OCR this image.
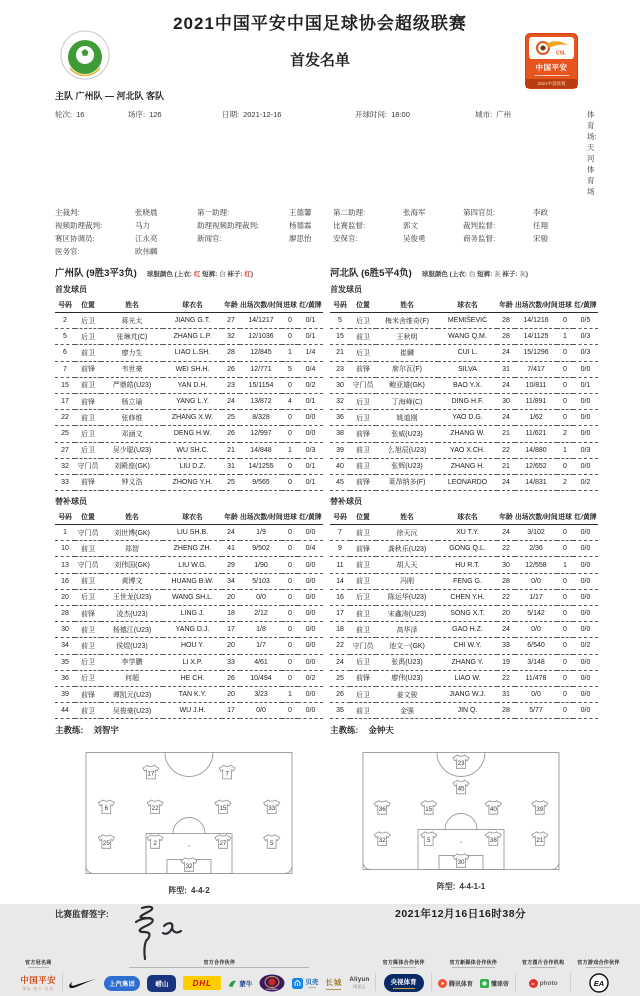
CSL
中国平安
2021中超联赛
2021中国平安中国足球协会超级联赛
首发名单
主队 广州队 — 河北队 客队
轮次: 16	场序: 126	日期: 2021-12-16	开球时间: 18:00	城市: 广州	体育场:天河体育场
主裁判:	张晓晨	第一助理:	王德馨	第二助理:	张海军	第四官员:	李政
视频助理裁判:	马力	助理视频助理裁判:	杨德霖	比赛监督:	郭文	裁判监督:	任翔
赛区协调员:	江永亮	新闻官:	廖思怡	安保官:	吴俊勇	商务监督:	宋骏
医务官:	欧伟麟
广州队 (9胜3平3负) 球服颜色 (上衣: 红 短裤: 白 袜子: 红)	河北队 (6胜5平4负) 球服颜色 (上衣: 白 短裤: 灰 袜子: 灰)
首发球员	首发球员
号码	位置	姓名	球衣名	年龄	出场次数/时间	进球	红/黄牌
2	后卫	蒋光太	JIANG G.T.	27	14/1217	0	0/1
5	后卫	张琳芃(C)	ZHANG L.P.	32	12/1036	0	0/1
6	前卫	廖力生	LIAO L.SH.	28	12/845	1	1/4
7	前锋	韦世豪	WEI SH.H.	26	12/771	5	0/4
15	前卫	严鼎皓(U23)	YAN D.H.	23	15/1154	0	0/2
17	前锋	杨立瑜	YANG L.Y.	24	13/872	4	0/1
22	前卫	张修维	ZHANG X.W.	25	8/328	0	0/0
25	后卫	邓涵文	DENG H.W.	26	12/997	0	0/0
27	后卫	吴少聪(U23)	WU SH.C.	21	14/848	1	0/3
32	守门员	刘殿座(GK)	LIU D.Z.	31	14/1255	0	0/1
33	前锋	钟义浩	ZHONG Y.H.	25	9/565	0	0/1
号码	位置	姓名	球衣名	年龄	出场次数/时间	进球	红/黄牌
5	后卫	梅米舍维奇(F)	MEMIŠEVIĆ	28	14/1216	0	0/5
15	前卫	王秋明	WANG Q.M.	28	14/1125	1	0/3
21	后卫	崔麟	CUI L.	24	15/1296	0	0/3
23	前锋	席尔瓦(F)	SILVA	31	7/417	0	0/0
30	守门员	鲍亚雄(GK)	BAO Y.X.	24	10/811	0	0/1
32	后卫	丁海峰(C)	DING H.F.	30	11/891	0	0/0
36	后卫	姚道刚	YAO D.G.	24	1/62	0	0/0
38	前锋	张威(U23)	ZHANG W.	21	11/621	2	0/0
39	前卫	么旭辰(U23)	YAO X.CH.	22	14/880	1	0/3
40	前卫	张辉(U23)	ZHANG H.	21	12/652	0	0/0
45	前锋	莱昂纳多(F)	LEONARDO	24	14/831	2	0/2
替补球员	替补球员
号码	位置	姓名	球衣名	年龄	出场次数/时间	进球	红/黄牌
1	守门员	刘世博(GK)	LIU SH.B.	24	1/9	0	0/0
10	前卫	郑智	ZHENG ZH.	41	9/502	0	0/4
13	守门员	刘伟国(GK)	LIU W.G.	29	1/90	0	0/0
16	前卫	黄博文	HUANG B.W.	34	5/103	0	0/0
20	后卫	王世龙(U23)	WANG SH.L.	20	0/0	0	0/0
28	前锋	凌杰(U23)	LING J.	18	2/12	0	0/0
30	前卫	杨德江(U23)	YANG D.J.	17	1/8	0	0/0
34	前卫	侯煜(U23)	HOU Y.	20	1/7	0	0/0
35	后卫	李学鹏	LI X.P.	33	4/61	0	0/0
36	后卫	何超	HE CH.	26	10/494	0	0/2
39	前锋	谭凯元(U23)	TAN K.Y.	20	3/23	1	0/0
44	前卫	吴俊豪(U23)	WU J.H.	17	0/0	0	0/0
号码	位置	姓名	球衣名	年龄	出场次数/时间	进球	红/黄牌
7	前卫	徐天沅	XU T.Y.	24	3/102	0	0/0
9	前锋	龚秋乐(U23)	GONG Q.L.	22	2/36	0	0/0
11	前卫	胡人天	HU R.T.	30	12/558	1	0/0
14	前卫	冯刚	FENG G.	28	0/0	0	0/0
16	后卫	陈运华(U23)	CHEN Y.H.	22	1/17	0	0/0
17	前卫	宋鑫涛(U23)	SONG X.T.	20	5/142	0	0/0
18	前卫	高华泽	GAO H.Z.	24	0/0	0	0/0
22	守门员	池文一(GK)	CHI W.Y.	33	6/540	0	0/2
24	后卫	张禹(U23)	ZHANG Y.	19	3/148	0	0/0
25	前锋	廖伟(U23)	LIAO W.	22	11/478	0	0/0
26	后卫	姜文骏	JIANG W.J.	31	0/0	0	0/0
35	前卫	金强	JIN Q.	28	5/77	0	0/0
主教练: 刘智宇	主教练: 金钟夫
17	7
6	22	15	33
25	2	27	5
32
阵型: 4-4-2
23
45
36	15	40	39
32	5	38	21
30
阵型: 4-4-1-1
比赛监督签字:	2021年12月16日16时38分
官方冠名商
中国平安
保险·银行·投资
官方合作伙伴
上汽集团	崂山	DHL	蒙牛
Carabao
贝壳 长城 Aliyun
阿里云
官方媒体合作伙伴
央视体育
官方新媒体合作伙伴
腾讯体育	懂球帝
官方图片合作机构
ic photo
官方游戏合作伙伴
EA
